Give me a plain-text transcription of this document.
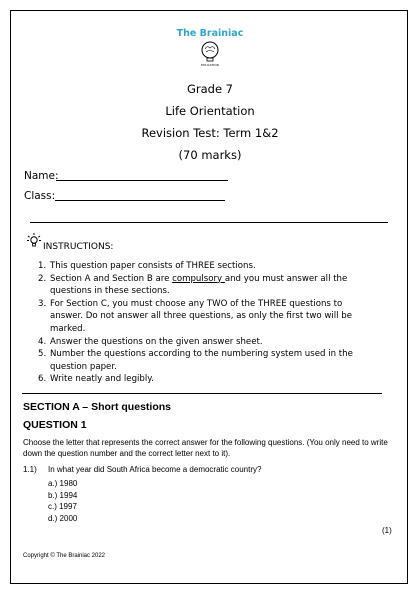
The Brainiac
EDUCATION
Grade 7
Life Orientation
Revision Test: Term 1&2
(70 marks)
Name:
Class:
INSTRUCTIONS:
1. This question paper consists of THREE sections.
2. Section A and Section B are compulsory and you must answer all the questions in these sections.
3. For Section C, you must choose any TWO of the THREE questions to answer. Do not answer all three questions, as only the first two will be marked.
4. Answer the questions on the given answer sheet.
5. Number the questions according to the numbering system used in the question paper.
6. Write neatly and legibly.
SECTION A – Short questions
QUESTION 1
Choose the letter that represents the correct answer for the following questions. (You only need to write down the question number and the correct letter next to it).
1.1) In what year did South Africa become a democratic country?
a.) 1980
b.) 1994
c.) 1997
d.) 2000
(1)
Copyright © The Brainiac 2022
